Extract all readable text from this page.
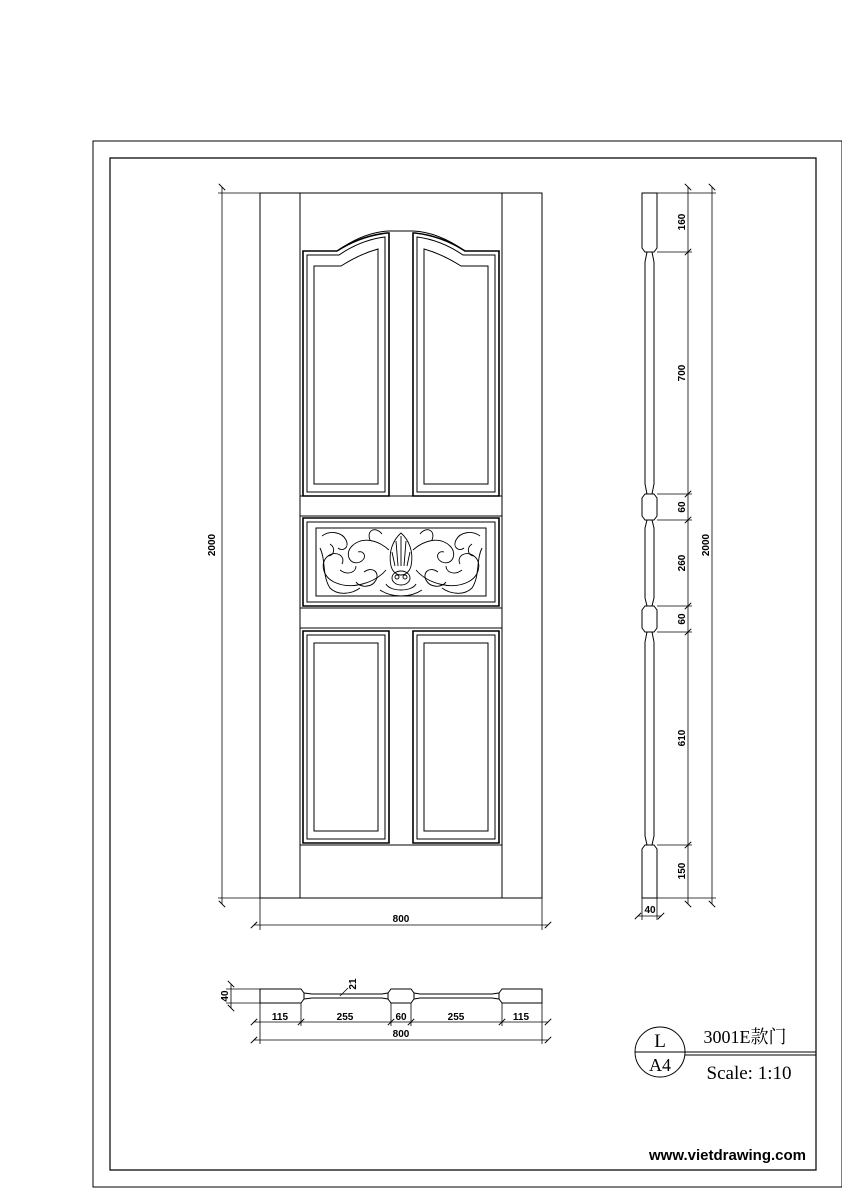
2000
800
160
700
60
260
60
610
150
2000
40
40
21
115	255	60	255	115
800	L
A4
3001E款门
Scale: 1:10
www.vietdrawing.com
